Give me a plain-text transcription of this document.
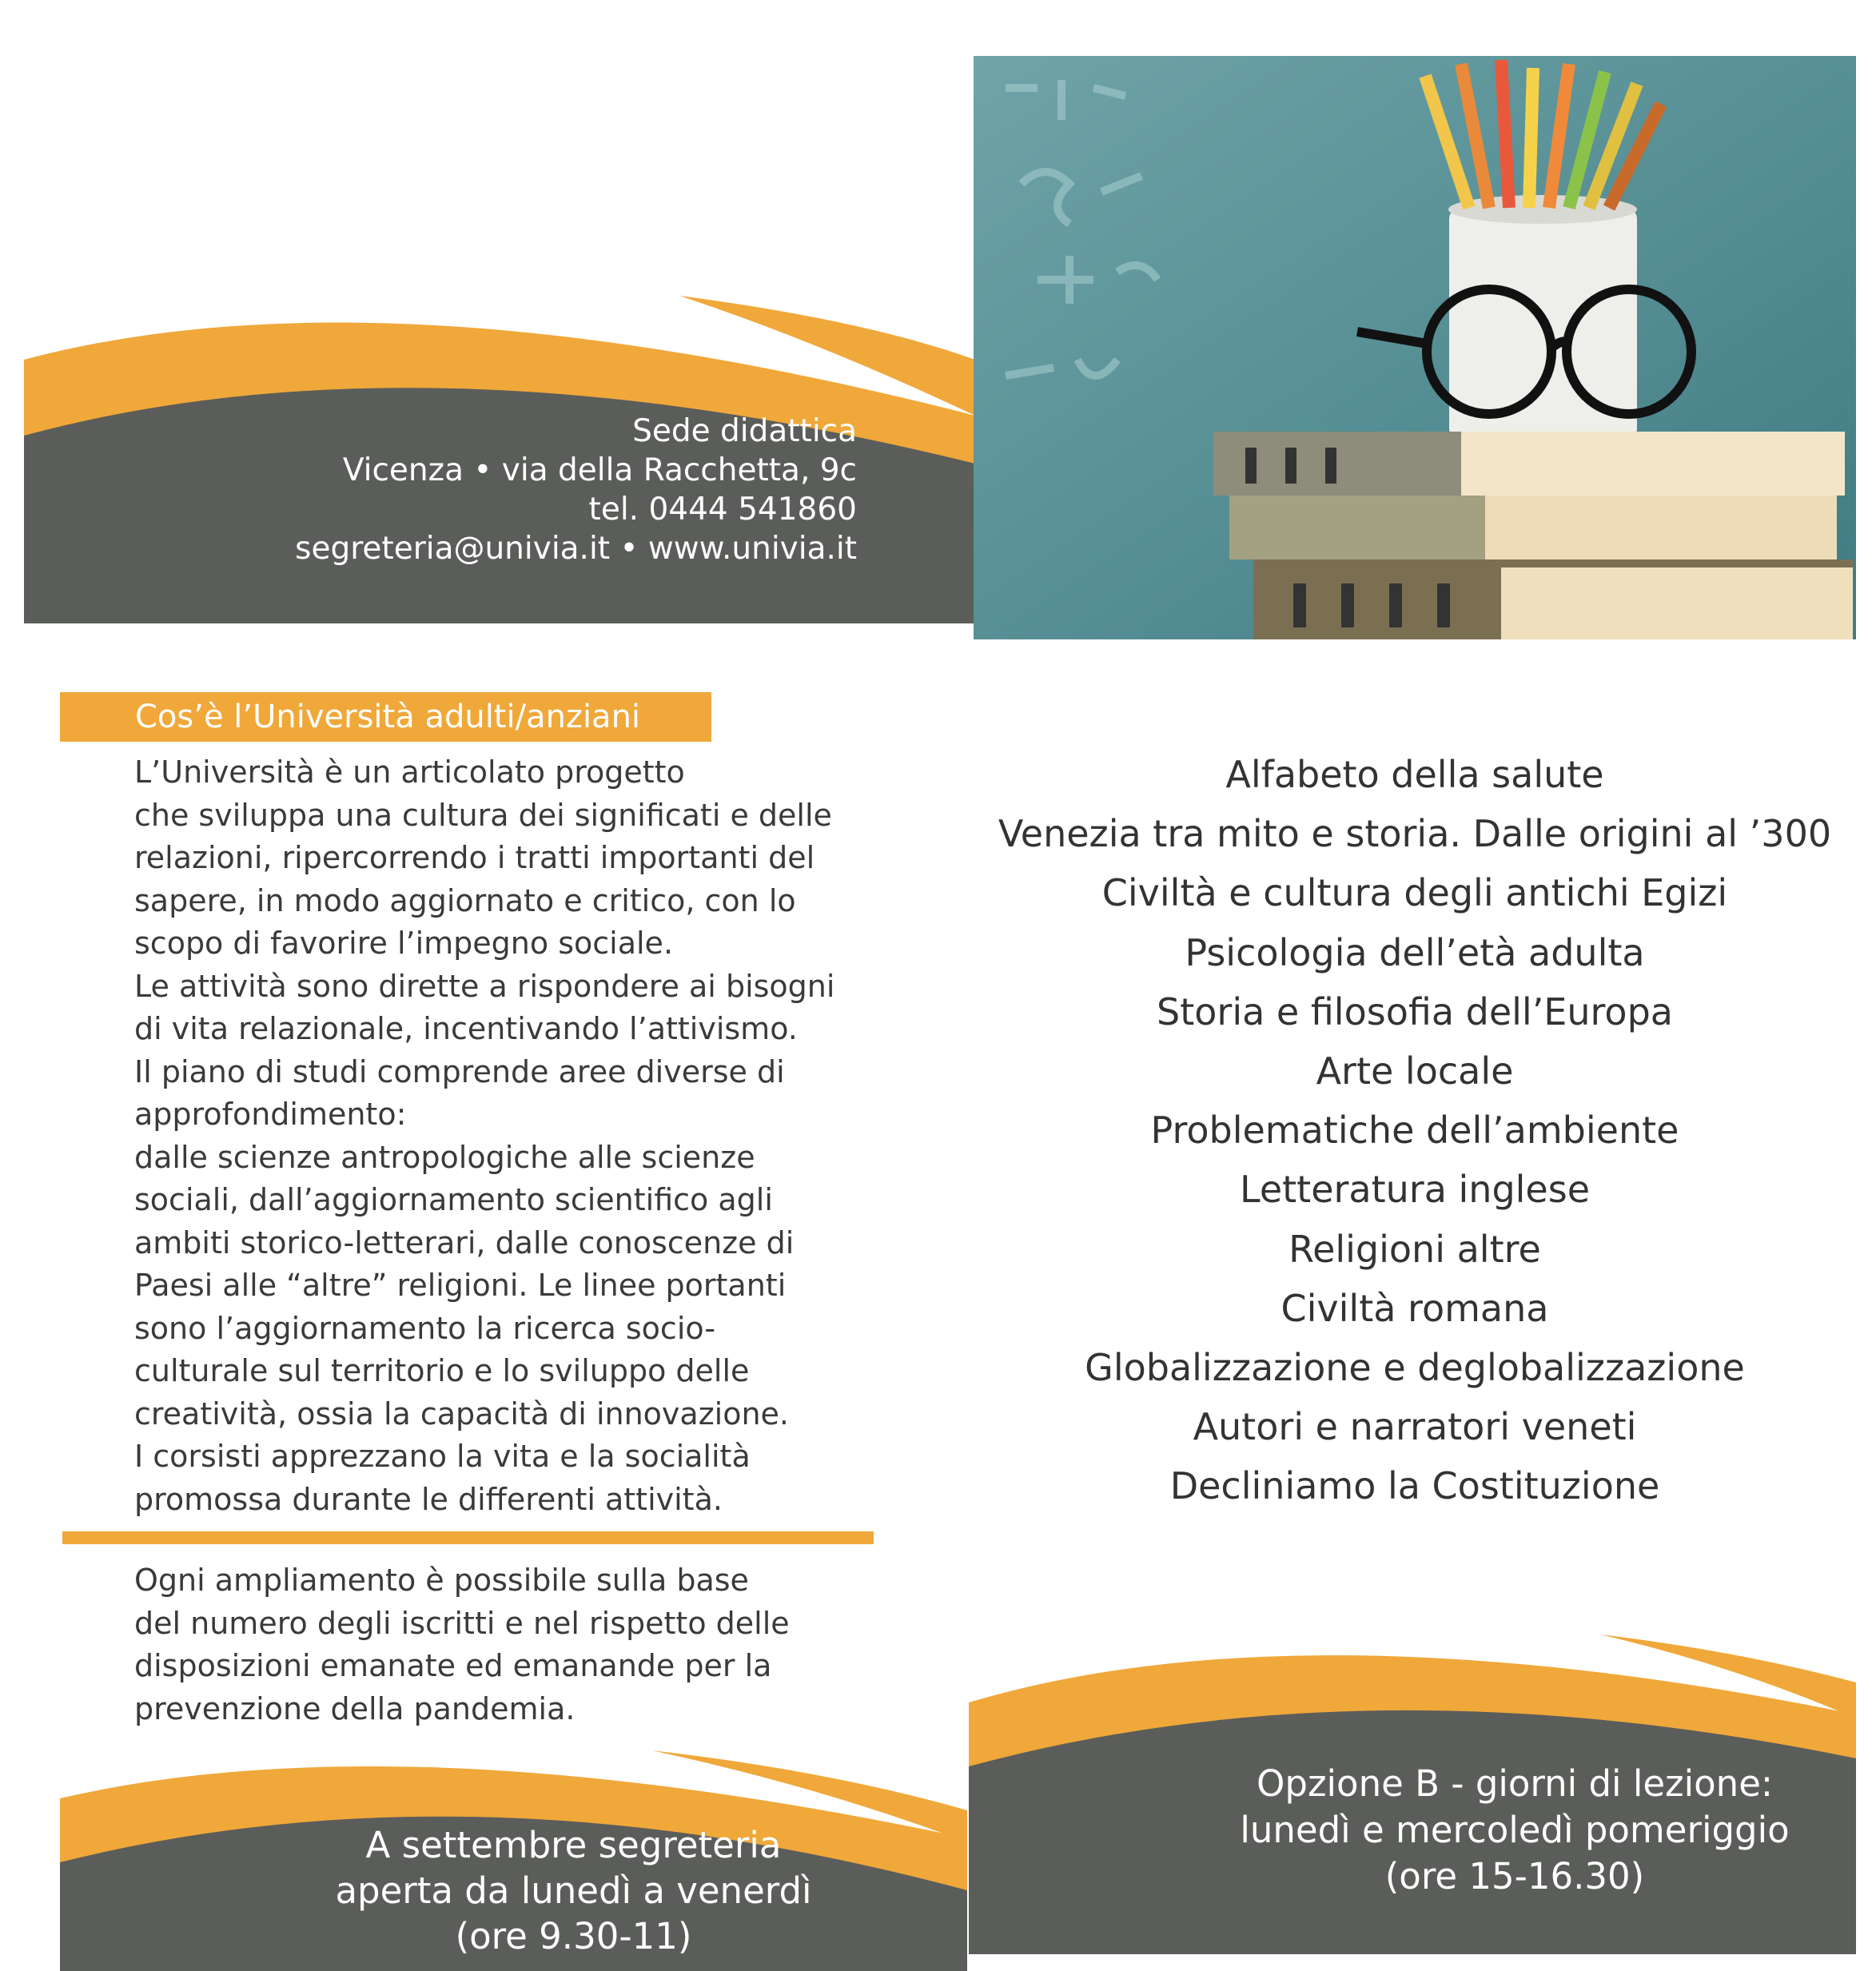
Sede didattica
Vicenza • via della Racchetta, 9c
tel. 0444 541860
segreteria@univia.it • www.univia.it
Cos’è l’Università adulti/anziani

L’Università è un articolato progetto

che sviluppa una cultura dei significati e delle

relazioni, ripercorrendo i tratti importanti del

sapere, in modo aggiornato e critico, con lo

scopo di favorire l’impegno sociale.

Le attività sono dirette a rispondere ai bisogni

di vita relazionale, incentivando l’attivismo.

Il piano di studi comprende aree diverse di

approfondimento:

dalle scienze antropologiche alle scienze

sociali, dall’aggiornamento scientifico agli

ambiti storico-letterari, dalle conoscenze di

Paesi alle “altre” religioni. Le linee portanti

sono l’aggiornamento la ricerca socio-

culturale sul territorio e lo sviluppo delle

creatività, ossia la capacità di innovazione.

I corsisti apprezzano la vita e la socialità

promossa durante le differenti attività.

Ogni ampliamento è possibile sulla base

del numero degli iscritti e nel rispetto delle

disposizioni emanate ed emanande per la

prevenzione della pandemia.

A settembre segreteria
aperta da lunedì a venerdì
(ore 9.30-11)
Alfabeto della salute
Venezia tra mito e storia. Dalle origini al ’300
Civiltà e cultura degli antichi Egizi
Psicologia dell’età adulta
Storia e filosofia dell’Europa
Arte locale
Problematiche dell’ambiente
Letteratura inglese
Religioni altre
Civiltà romana
Globalizzazione e deglobalizzazione
Autori e narratori veneti
Decliniamo la Costituzione
Opzione B - giorni di lezione:
lunedì e mercoledì pomeriggio
(ore 15-16.30)
